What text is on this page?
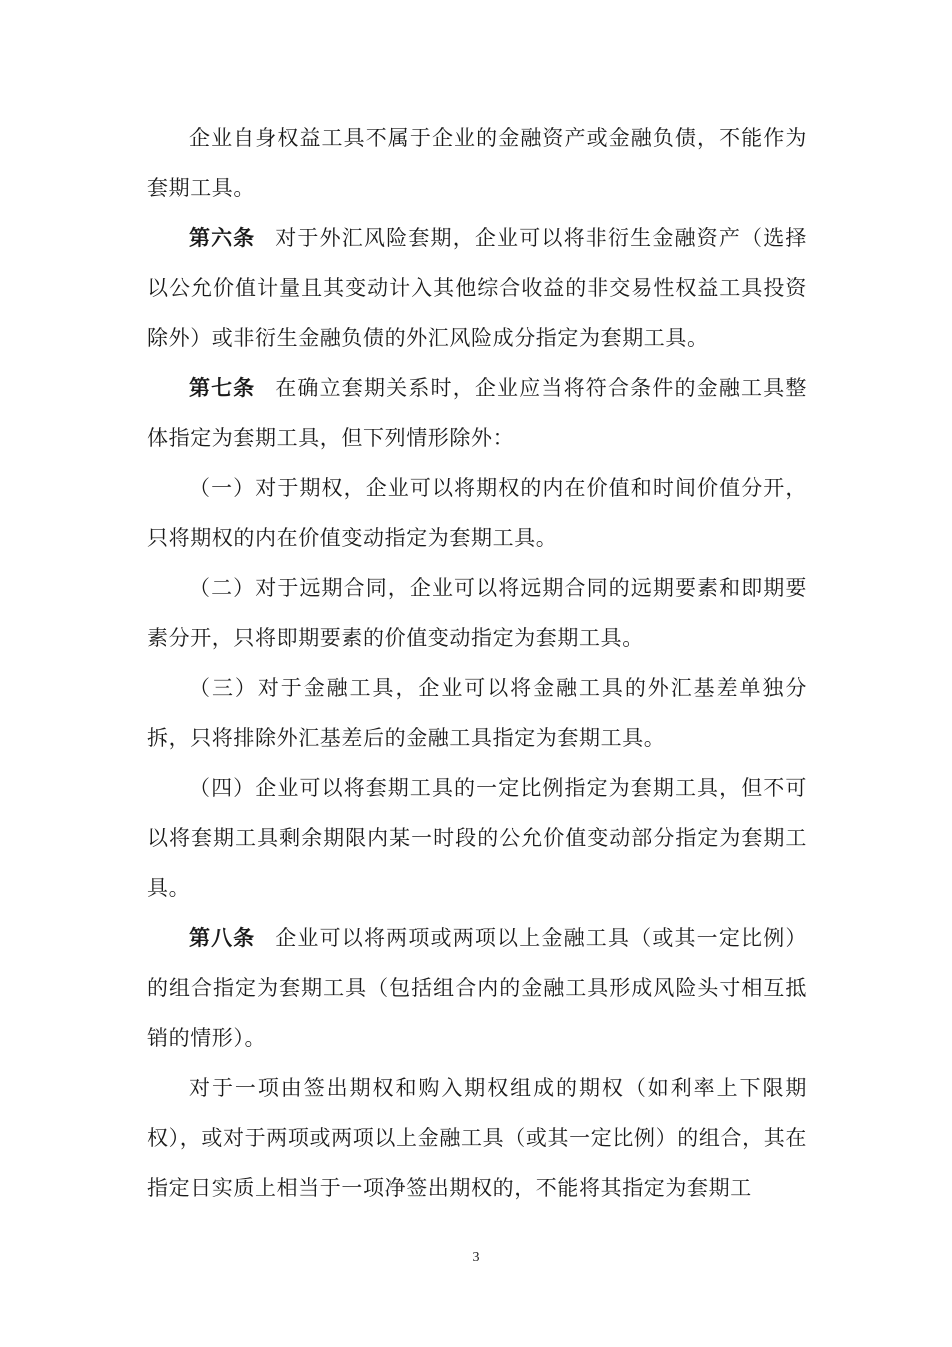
企业自身权益工具不属于企业的金融资产或金融负债，不能作为套期工具。

第六条 对于外汇风险套期，企业可以将非衍生金融资产（选择以公允价值计量且其变动计入其他综合收益的非交易性权益工具投资除外）或非衍生金融负债的外汇风险成分指定为套期工具。

第七条 在确立套期关系时，企业应当将符合条件的金融工具整体指定为套期工具，但下列情形除外：

（一）对于期权，企业可以将期权的内在价值和时间价值分开，只将期权的内在价值变动指定为套期工具。

（二）对于远期合同，企业可以将远期合同的远期要素和即期要素分开，只将即期要素的价值变动指定为套期工具。

（三）对于金融工具，企业可以将金融工具的外汇基差单独分拆，只将排除外汇基差后的金融工具指定为套期工具。

（四）企业可以将套期工具的一定比例指定为套期工具，但不可以将套期工具剩余期限内某一时段的公允价值变动部分指定为套期工具。

第八条 企业可以将两项或两项以上金融工具（或其一定比例）的组合指定为套期工具（包括组合内的金融工具形成风险头寸相互抵销的情形）。

对于一项由签出期权和购入期权组成的期权（如利率上下限期权），或对于两项或两项以上金融工具（或其一定比例）的组合，其在指定日实质上相当于一项净签出期权的，不能将其指定为套期工

3
